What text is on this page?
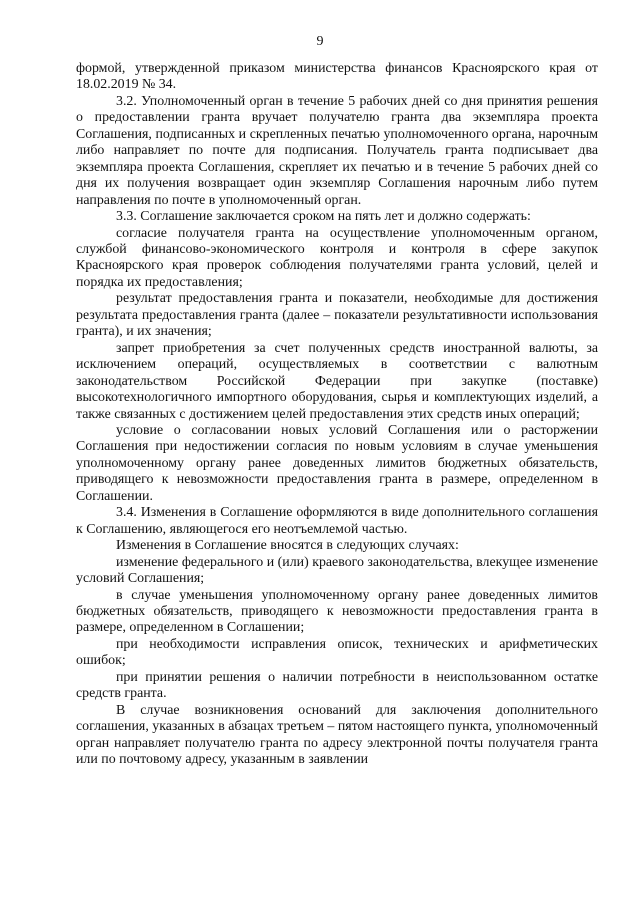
9

формой, утвержденной приказом министерства финансов Красноярского края от 18.02.2019 № 34.

3.2. Уполномоченный орган в течение 5 рабочих дней со дня принятия решения о предоставлении гранта вручает получателю гранта два экземпляра проекта Соглашения, подписанных и скрепленных печатью уполномоченного органа, нарочным либо направляет по почте для подписания. Получатель гранта подписывает два экземпляра проекта Соглашения, скрепляет их печатью и в течение 5 рабочих дней со дня их получения возвращает один экземпляр Соглашения нарочным либо путем направления по почте в уполномоченный орган.

3.3. Соглашение заключается сроком на пять лет и должно содержать:

согласие получателя гранта на осуществление уполномоченным органом, службой финансово-экономического контроля и контроля в сфере закупок Красноярского края проверок соблюдения получателями гранта условий, целей и порядка их предоставления;

результат предоставления гранта и показатели, необходимые для достижения результата предоставления гранта (далее – показатели результативности использования гранта), и их значения;

запрет приобретения за счет полученных средств иностранной валюты, за исключением операций, осуществляемых в соответствии с валютным законодательством Российской Федерации при закупке (поставке) высокотехнологичного импортного оборудования, сырья и комплектующих изделий, а также связанных с достижением целей предоставления этих средств иных операций;

условие о согласовании новых условий Соглашения или о расторжении Соглашения при недостижении согласия по новым условиям в случае уменьшения уполномоченному органу ранее доведенных лимитов бюджетных обязательств, приводящего к невозможности предоставления гранта в размере, определенном в Соглашении.

3.4. Изменения в Соглашение оформляются в виде дополнительного соглашения к Соглашению, являющегося его неотъемлемой частью.

Изменения в Соглашение вносятся в следующих случаях:

изменение федерального и (или) краевого законодательства, влекущее изменение условий Соглашения;

в случае уменьшения уполномоченному органу ранее доведенных лимитов бюджетных обязательств, приводящего к невозможности предоставления гранта в размере, определенном в Соглашении;

при необходимости исправления описок, технических и арифметических ошибок;

при принятии решения о наличии потребности в неиспользованном остатке средств гранта.

В случае возникновения оснований для заключения дополнительного соглашения, указанных в абзацах третьем – пятом настоящего пункта, уполномоченный орган направляет получателю гранта по адресу электронной почты получателя гранта или по почтовому адресу, указанным в заявлении
